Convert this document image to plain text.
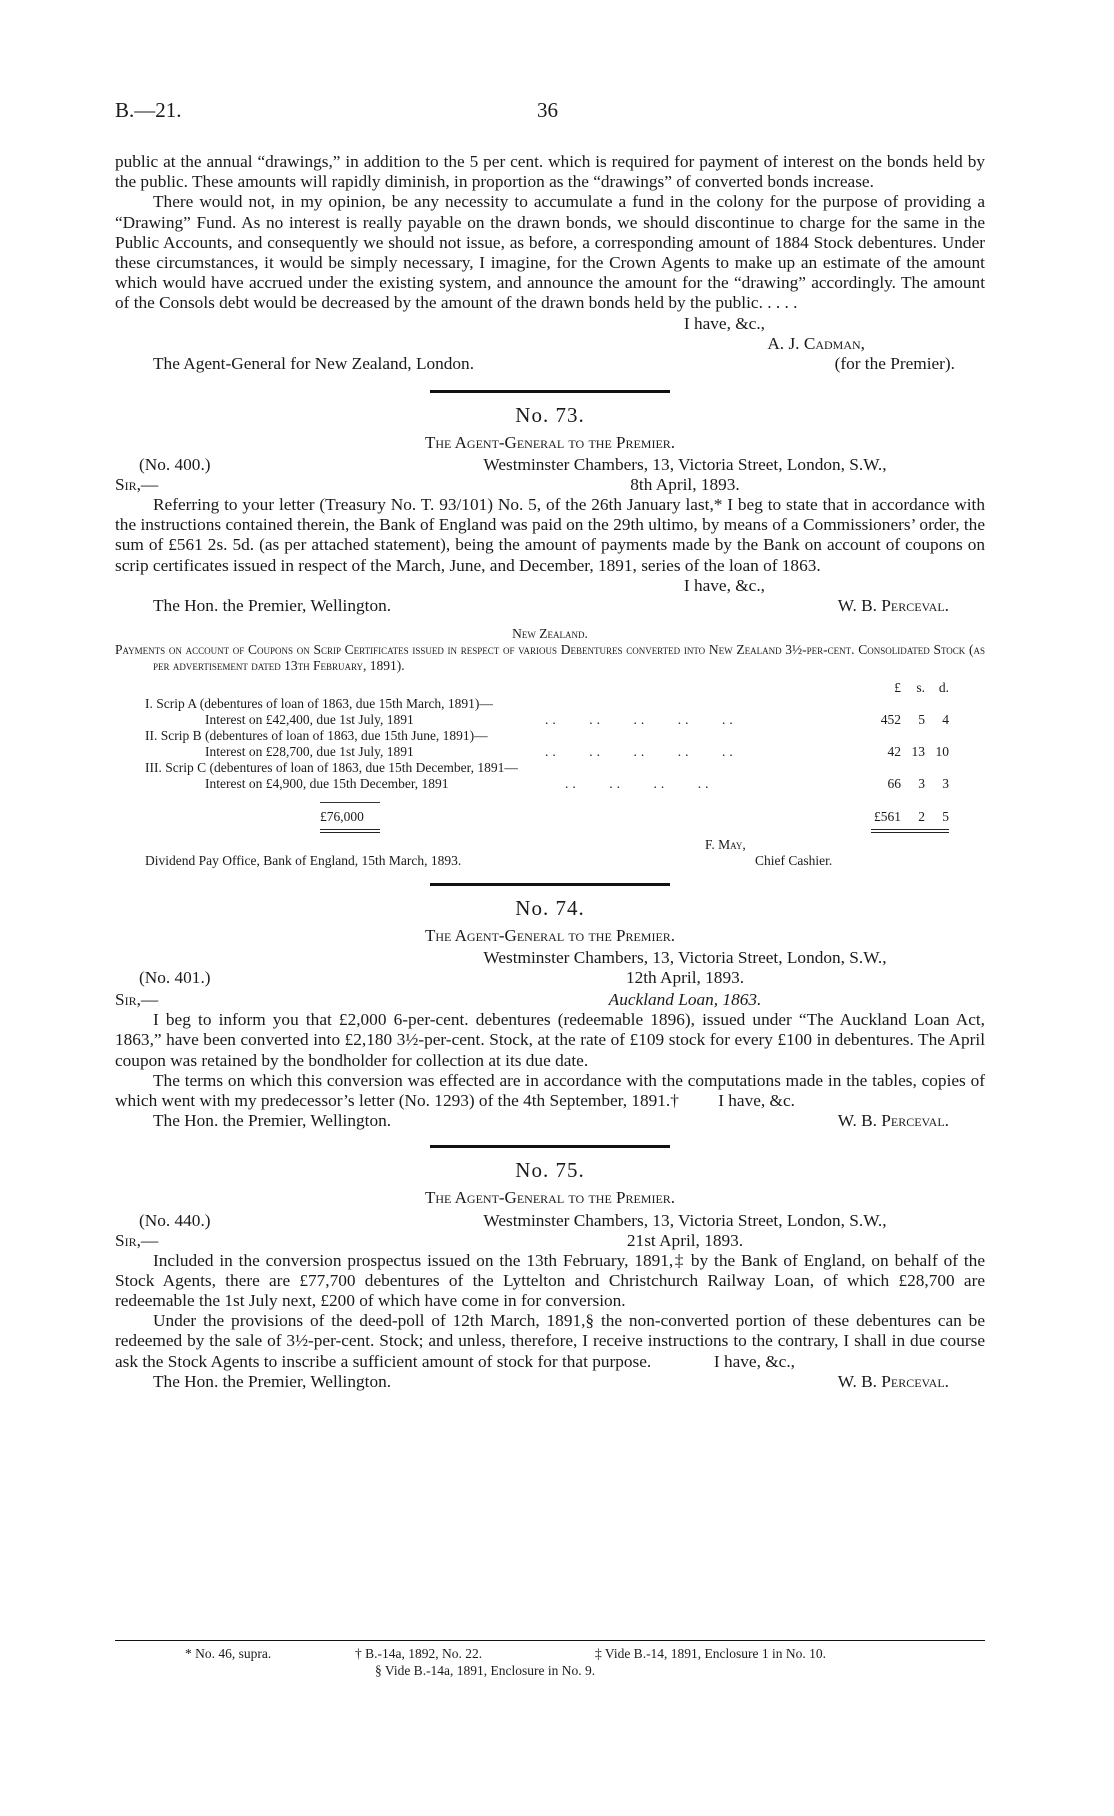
B.—21.	36

public at the annual “drawings,” in addition to the 5 per cent. which is required for payment of interest on the bonds held by the public. These amounts will rapidly diminish, in proportion as the “drawings” of converted bonds increase.

There would not, in my opinion, be any necessity to accumulate a fund in the colony for the purpose of providing a “Drawing” Fund. As no interest is really payable on the drawn bonds, we should discontinue to charge for the same in the Public Accounts, and consequently we should not issue, as before, a corresponding amount of 1884 Stock debentures. Under these circumstances, it would be simply necessary, I imagine, for the Crown Agents to make up an estimate of the amount which would have accrued under the existing system, and announce the amount for the “drawing” accordingly. The amount of the Consols debt would be decreased by the amount of the drawn bonds held by the public. . . . .

I have, &c.,
A. J. Cadman,
The Agent-General for New Zealand, London.	(for the Premier).
No. 73.
The Agent-General to the Premier.
(No. 400.)
Sir,—
Westminster Chambers, 13, Victoria Street, London, S.W.,
8th April, 1893.

Referring to your letter (Treasury No. T. 93/101) No. 5, of the 26th January last,* I beg to state that in accordance with the instructions contained therein, the Bank of England was paid on the 29th ultimo, by means of a Commissioners’ order, the sum of £561 2s. 5d. (as per attached statement), being the amount of payments made by the Bank on account of coupons on scrip certificates issued in respect of the March, June, and December, 1891, series of the loan of 1863.

I have, &c.,
The Hon. the Premier, Wellington.	W. B. Perceval.
New Zealand.
Payments on account of Coupons on Scrip Certificates issued in respect of various Debentures converted into New Zealand 3½-per-cent. Consolidated Stock (as per advertisement dated 13th February, 1891).
£	s.	d.
I. Scrip A (debentures of loan of 1863, due 15th March, 1891)—
Interest on £42,400, due 1st July, 1891	..    ..    ..    ..    ..	452	5	4
II. Scrip B (debentures of loan of 1863, due 15th June, 1891)—
Interest on £28,700, due 1st July, 1891	..    ..    ..    ..    ..	42 13 10
III. Scrip C (debentures of loan of 1863, due 15th December, 1891—
Interest on £4,900, due 15th December, 1891	..    ..    ..    ..	66	3	3
£76,000	£561	2	5
F. May,
Dividend Pay Office, Bank of England, 15th March, 1893.	Chief Cashier.
No. 74.
The Agent-General to the Premier.
Westminster Chambers, 13, Victoria Street, London, S.W.,
12th April, 1893.
(No. 401.)
Sir,—	Auckland Loan, 1863.

I beg to inform you that £2,000 6-per-cent. debentures (redeemable 1896), issued under “The Auckland Loan Act, 1863,” have been converted into £2,180 3½-per-cent. Stock, at the rate of £109 stock for every £100 in debentures. The April coupon was retained by the bondholder for collection at its due date.

The terms on which this conversion was effected are in accordance with the computations made in the tables, copies of which went with my predecessor’s letter (No. 1293) of the 4th September, 1891.†	I have, &c.
The Hon. the Premier, Wellington.	W. B. Perceval.
No. 75.
The Agent-General to the Premier.
(No. 440.)
Sir,—
Westminster Chambers, 13, Victoria Street, London, S.W.,
21st April, 1893.

Included in the conversion prospectus issued on the 13th February, 1891,‡ by the Bank of England, on behalf of the Stock Agents, there are £77,700 debentures of the Lyttelton and Christchurch Railway Loan, of which £28,700 are redeemable the 1st July next, £200 of which have come in for conversion.

Under the provisions of the deed-poll of 12th March, 1891,§ the non-converted portion of these debentures can be redeemed by the sale of 3½-per-cent. Stock; and unless, therefore, I receive instructions to the contrary, I shall in due course ask the Stock Agents to inscribe a sufficient amount of stock for that purpose.	I have, &c.,
The Hon. the Premier, Wellington.	W. B. Perceval.
* No. 46, supra.	† B.-14a, 1892, No. 22.	‡ Vide B.-14, 1891, Enclosure 1 in No. 10.
§ Vide B.-14a, 1891, Enclosure in No. 9.
